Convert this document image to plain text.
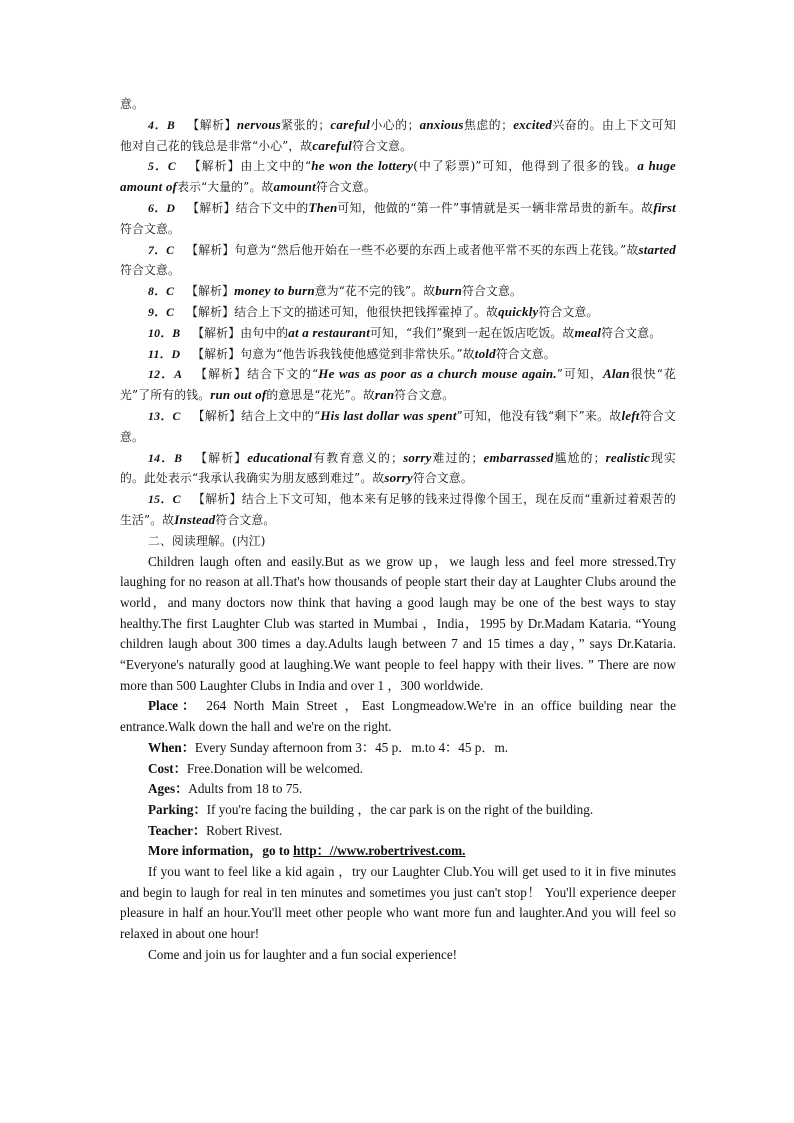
意。

4．B 【解析】nervous紧张的；careful小心的；anxious焦虑的；excited兴奋的。由上下文可知他对自己花的钱总是非常“小心”，故careful符合文意。

5．C 【解析】由上文中的“he won the lottery(中了彩票)”可知，他得到了很多的钱。a huge amount of表示“大量的”。故amount符合文意。

6．D 【解析】结合下文中的Then可知，他做的“第一件”事情就是买一辆非常昂贵的新车。故first符合文意。

7．C 【解析】句意为“然后他开始在一些不必要的东西上或者他平常不买的东西上花钱。”故started符合文意。

8．C 【解析】money to burn意为“花不完的钱”。故burn符合文意。

9．C 【解析】结合上下文的描述可知，他很快把钱挥霍掉了。故quickly符合文意。

10．B 【解析】由句中的at a restaurant可知，“我们”聚到一起在饭店吃饭。故meal符合文意。

11．D 【解析】句意为“他告诉我钱使他感觉到非常快乐。”故told符合文意。

12．A 【解析】结合下文的“He was as poor as a church mouse again.”可知，Alan很快“花光”了所有的钱。run out of的意思是“花光”。故ran符合文意。

13．C 【解析】结合上文中的“His last dollar was spent”可知，他没有钱“剩下”来。故left符合文意。

14．B 【解析】educational有教育意义的；sorry难过的；embarrassed尴尬的；realistic现实的。此处表示“我承认我确实为朋友感到难过”。故sorry符合文意。

15．C 【解析】结合上下文可知，他本来有足够的钱来过得像个国王，现在反而“重新过着艰苦的生活”。故Instead符合文意。

二、阅读理解。(内江)

Children laugh often and easily.But as we grow up，we laugh less and feel more stressed.Try laughing for no reason at all.That's how thousands of people start their day at Laughter Clubs around the world，and many doctors now think that having a good laugh may be one of the best ways to stay healthy.The first Laughter Club was started in Mumbai ，India，1995 by Dr.Madam Kataria. “Young children laugh about 300 times a day.Adults laugh between 7 and 15 times a day，” says Dr.Kataria. “Everyone's naturally good at laughing.We want people to feel happy with their lives. ” There are now more than 500 Laughter Clubs in India and over 1 ，300 worldwide.

Place： 264 North Main Street ，East Longmeadow.We're in an office building near the entrance.Walk down the hall and we're on the right.

When：Every Sunday afternoon from 3：45 p．m.to 4：45 p．m.

Cost：Free.Donation will be welcomed.

Ages：Adults from 18 to 75.

Parking：If you're facing the building ，the car park is on the right of the building.

Teacher：Robert Rivest.

More information，go to http：//www.robertrivest.com.

If you want to feel like a kid again ，try our Laughter Club.You will get used to it in five minutes and begin to laugh for real in ten minutes and sometimes you just can't stop！ You'll experience deeper pleasure in half an hour.You'll meet other people who want more fun and laughter.And you will feel so relaxed in about one hour!

Come and join us for laughter and a fun social experience!
